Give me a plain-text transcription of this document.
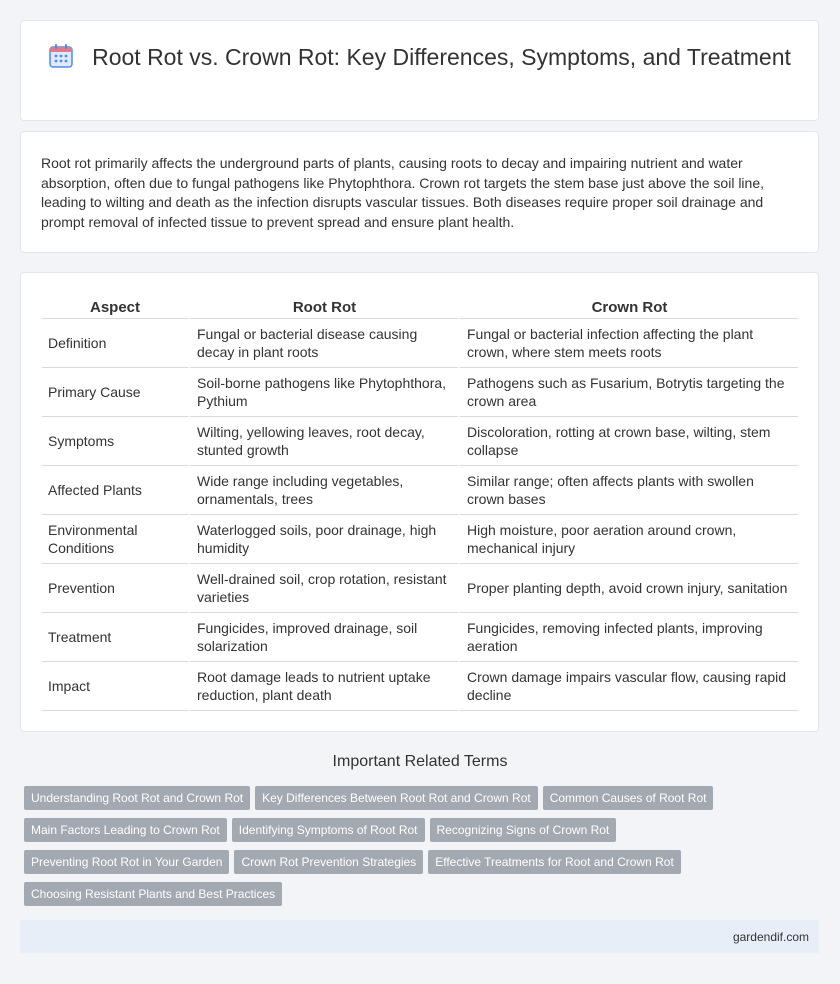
Root Rot vs. Crown Rot: Key Differences, Symptoms, and Treatment

Root rot primarily affects the underground parts of plants, causing roots to decay and impairing nutrient and water absorption, often due to fungal pathogens like Phytophthora. Crown rot targets the stem base just above the soil line, leading to wilting and death as the infection disrupts vascular tissues. Both diseases require proper soil drainage and prompt removal of infected tissue to prevent spread and ensure plant health.

Aspect	Root Rot	Crown Rot
Definition	Fungal or bacterial disease causing decay in plant roots	Fungal or bacterial infection affecting the plant crown, where stem meets roots
Primary Cause	Soil-borne pathogens like Phytophthora, Pythium	Pathogens such as Fusarium, Botrytis targeting the crown area
Symptoms	Wilting, yellowing leaves, root decay, stunted growth	Discoloration, rotting at crown base, wilting, stem collapse
Affected Plants	Wide range including vegetables, ornamentals, trees	Similar range; often affects plants with swollen crown bases
Environmental Conditions	Waterlogged soils, poor drainage, high humidity	High moisture, poor aeration around crown, mechanical injury
Prevention	Well-drained soil, crop rotation, resistant varieties	Proper planting depth, avoid crown injury, sanitation
Treatment	Fungicides, improved drainage, soil solarization	Fungicides, removing infected plants, improving aeration
Impact	Root damage leads to nutrient uptake reduction, plant death	Crown damage impairs vascular flow, causing rapid decline
Important Related Terms
Understanding Root Rot and Crown Rot Key Differences Between Root Rot and Crown Rot Common Causes of Root Rot
Main Factors Leading to Crown Rot Identifying Symptoms of Root Rot Recognizing Signs of Crown Rot
Preventing Root Rot in Your Garden Crown Rot Prevention Strategies Effective Treatments for Root and Crown Rot
Choosing Resistant Plants and Best Practices
gardendif.com
